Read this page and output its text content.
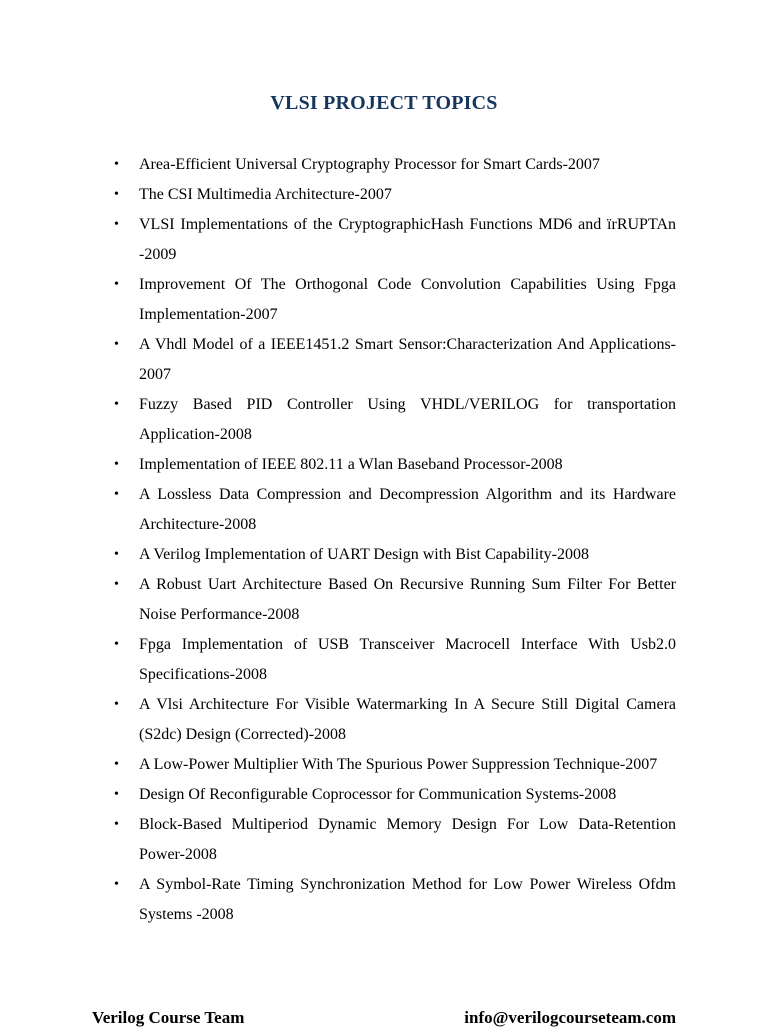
VLSI PROJECT TOPICS
• Area-Efficient Universal Cryptography Processor for Smart Cards-2007
• The CSI Multimedia Architecture-2007
• VLSI Implementations of the CryptographicHash Functions MD6 and ïrRUPTAn -2009
• Improvement Of The Orthogonal Code Convolution Capabilities Using Fpga Implementation-2007
• A Vhdl Model of a IEEE1451.2 Smart Sensor:Characterization And Applications-2007
• Fuzzy Based PID Controller Using VHDL/VERILOG for transportation Application-2008
• Implementation of IEEE 802.11 a Wlan Baseband Processor-2008
• A Lossless Data Compression and Decompression Algorithm and its Hardware Architecture-2008
• A Verilog Implementation of UART Design with Bist Capability-2008
• A Robust Uart Architecture Based On Recursive Running Sum Filter For Better Noise Performance-2008
• Fpga Implementation of USB Transceiver Macrocell Interface With Usb2.0 Specifications-2008
• A Vlsi Architecture For Visible Watermarking In A Secure Still Digital Camera (S2dc) Design (Corrected)-2008
• A Low-Power Multiplier With The Spurious Power Suppression Technique-2007
• Design Of Reconfigurable Coprocessor for Communication Systems-2008
• Block-Based Multiperiod Dynamic Memory Design For Low Data-Retention Power-2008
• A Symbol-Rate Timing Synchronization Method for Low Power Wireless Ofdm Systems -2008
Verilog Course Team	info@verilogcourseteam.com
